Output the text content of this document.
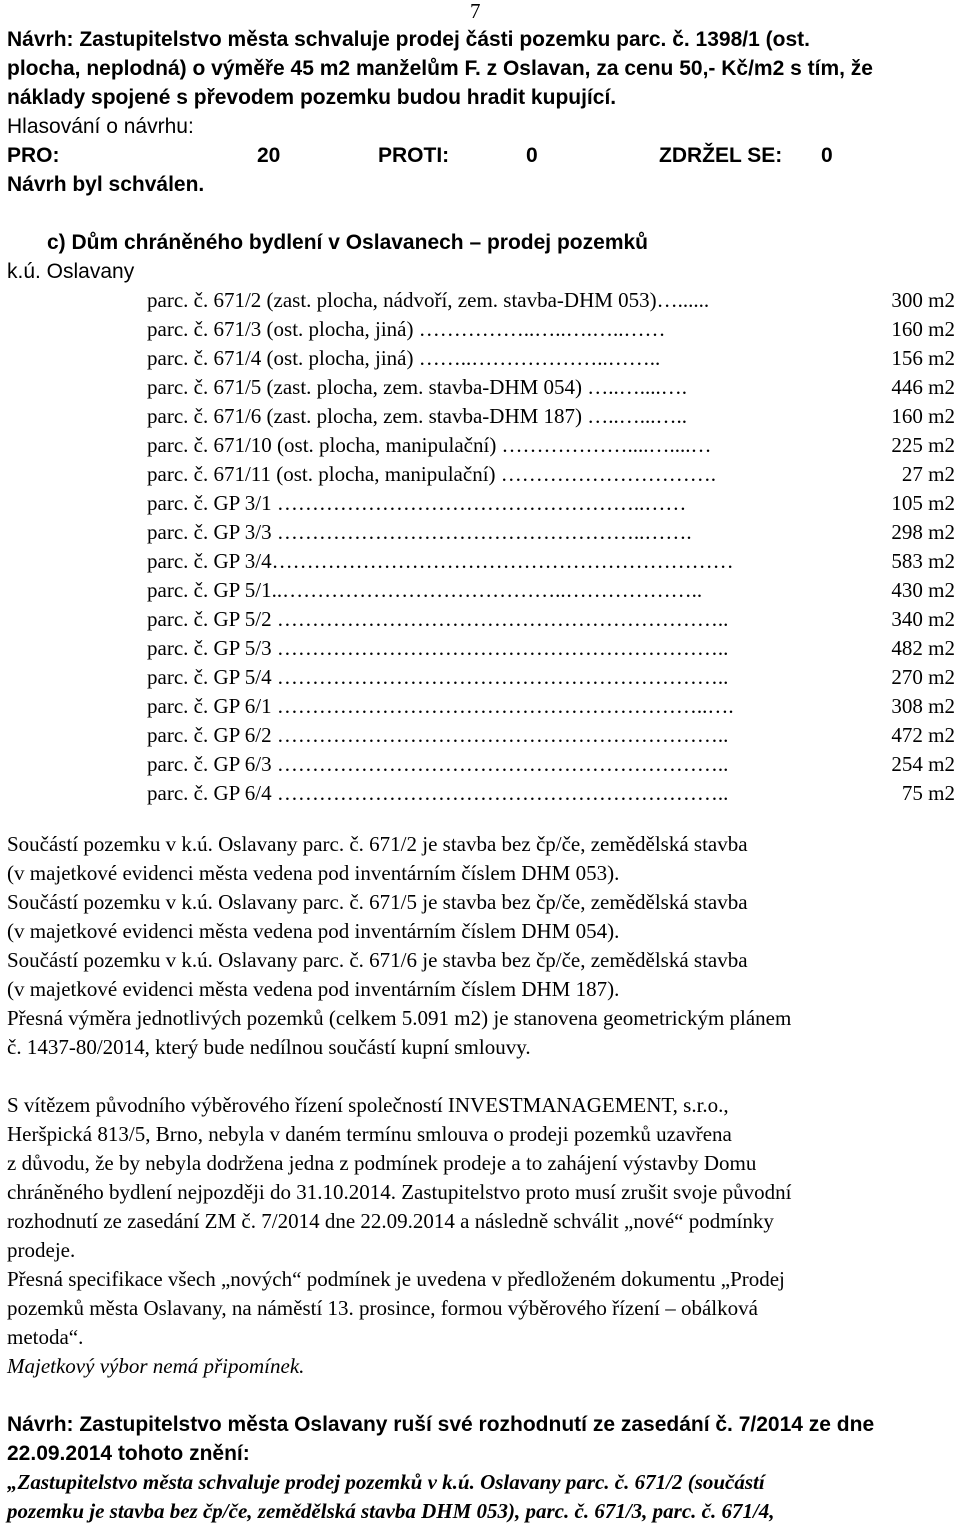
7
Návrh: Zastupitelstvo města schvaluje prodej části pozemku parc. č. 1398/1 (ost.
plocha, neplodná) o výměře 45 m2 manželům F. z Oslavan, za cenu 50,- Kč/m2 s tím, že
náklady spojené s převodem pozemku budou hradit kupující.
Hlasování o návrhu:
PRO:	20	PROTI:	0	ZDRŽEL SE:	0
Návrh byl schválen.
c) Dům chráněného bydlení v Oslavanech – prodej pozemků
k.ú. Oslavany
parc. č. 671/2 (zast. plocha, nádvoří, zem. stavba-DHM 053)…......	300 m2
parc. č. 671/3 (ost. plocha, jiná) ……………..…..….…..……	160 m2
parc. č. 671/4 (ost. plocha, jiná) ……..………………..……..	156 m2
parc. č. 671/5 (zast. plocha, zem. stavba-DHM 054) …..…....….	446 m2
parc. č. 671/6 (zast. plocha, zem. stavba-DHM 187) …..…...…..	160 m2
parc. č. 671/10 (ost. plocha, manipulační) ………………....…....…	225 m2
parc. č. 671/11 (ost. plocha, manipulační) ………………………….	27 m2
parc. č. GP 3/1 ……………………………………………..……	105 m2
parc. č. GP 3/3 ……………………………………………..…….	298 m2
parc. č. GP 3/4…………………………………………………………	583 m2
parc. č. GP 5/1..…………………………………..………………..	430 m2
parc. č. GP 5/2 ………………………………………………………..	340 m2
parc. č. GP 5/3 ………………………………………………………..	482 m2
parc. č. GP 5/4 ………………………………………………………..	270 m2
parc. č. GP 6/1 ……………………………………………………..….	308 m2
parc. č. GP 6/2 ………………………………………………………..	472 m2
parc. č. GP 6/3 ………………………………………………………..	254 m2
parc. č. GP 6/4 ………………………………………………………..	75 m2
Součástí pozemku v k.ú. Oslavany parc. č. 671/2 je stavba bez čp/če, zemědělská stavba
(v majetkové evidenci města vedena pod inventárním číslem DHM 053).
Součástí pozemku v k.ú. Oslavany parc. č. 671/5 je stavba bez čp/če, zemědělská stavba
(v majetkové evidenci města vedena pod inventárním číslem DHM 054).
Součástí pozemku v k.ú. Oslavany parc. č. 671/6 je stavba bez čp/če, zemědělská stavba
(v majetkové evidenci města vedena pod inventárním číslem DHM 187).
Přesná výměra jednotlivých pozemků (celkem 5.091 m2) je stanovena geometrickým plánem
č. 1437-80/2014, který bude nedílnou součástí kupní smlouvy.
S vítězem původního výběrového řízení společností INVESTMANAGEMENT, s.r.o.,
Heršpická 813/5, Brno, nebyla v daném termínu smlouva o prodeji pozemků uzavřena
z důvodu, že by nebyla dodržena jedna z podmínek prodeje a to zahájení výstavby Domu
chráněného bydlení nejpozději do 31.10.2014. Zastupitelstvo proto musí zrušit svoje původní
rozhodnutí ze zasedání ZM č. 7/2014 dne 22.09.2014 a následně schválit „nové“ podmínky
prodeje.
Přesná specifikace všech „nových“ podmínek je uvedena v předloženém dokumentu „Prodej
pozemků města Oslavany, na náměstí 13. prosince, formou výběrového řízení – obálková
metoda“.
Majetkový výbor nemá připomínek.
Návrh: Zastupitelstvo města Oslavany ruší své rozhodnutí ze zasedání č. 7/2014 ze dne
22.09.2014 tohoto znění:
„Zastupitelstvo města schvaluje prodej pozemků v k.ú. Oslavany parc. č. 671/2 (součástí
pozemku je stavba bez čp/če, zemědělská stavba DHM 053), parc. č. 671/3, parc. č. 671/4,
